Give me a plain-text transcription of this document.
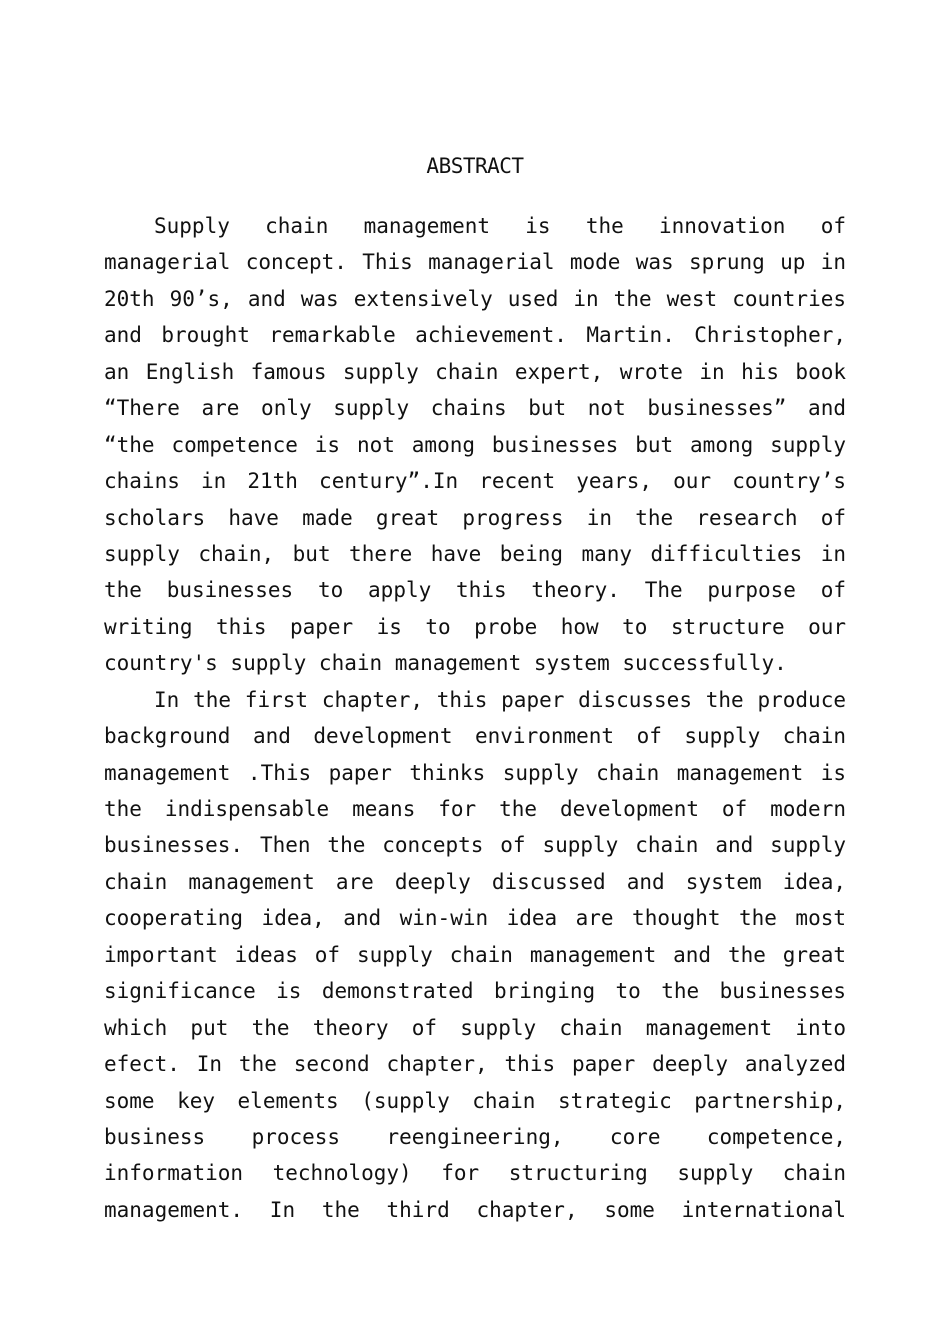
ABSTRACT
Supply chain management is the innovation of
managerial concept. This managerial mode was sprung up in
20th 90’s, and was extensively used in the west countries
and brought remarkable achievement. Martin. Christopher,
an English famous supply chain expert, wrote in his book
“There are only supply chains but not businesses” and
“the competence is not among businesses but among supply
chains in 21th century”.In recent years, our country’s
scholars have made great progress in the research of
supply chain, but there have being many difficulties in
the businesses to apply this theory. The purpose of
writing this paper is to probe how to structure our
country's supply chain management system successfully.
In the first chapter, this paper discusses the produce
background and development environment of supply chain
management .This paper thinks supply chain management is
the indispensable means for the development of modern
businesses. Then the concepts of supply chain and supply
chain management are deeply discussed and system idea,
cooperating idea, and win-win idea are thought the most
important ideas of supply chain management and the great
significance is demonstrated bringing to the businesses
which put the theory of supply chain management into
efect. In the second chapter, this paper deeply analyzed
some key elements (supply chain strategic partnership,
business process reengineering, core competence,
information technology) for structuring supply chain
management. In the third chapter, some international
